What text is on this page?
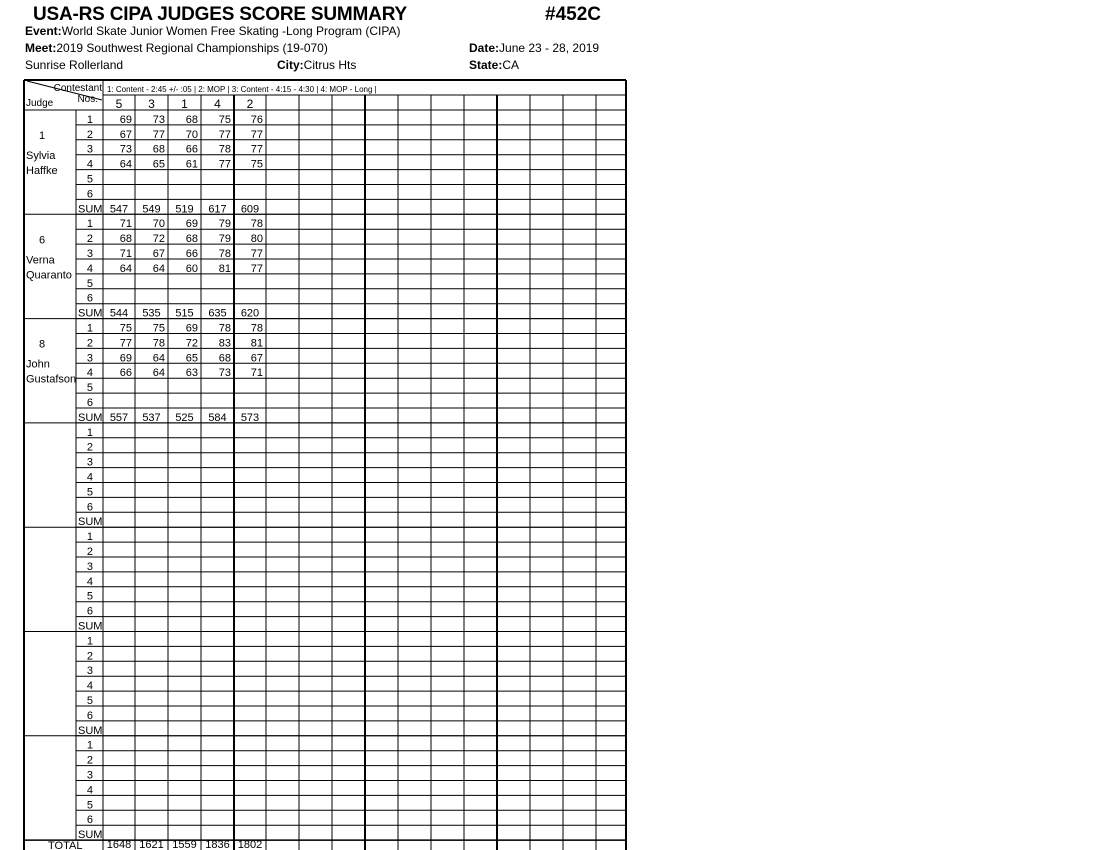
USA-RS CIPA JUDGES SCORE SUMMARY	#452C
Event:World Skate Junior Women Free Skating -Long Program (CIPA)
Meet:2019 Southwest Regional Championships (19-070)	Date:June 23 - 28, 2019
Sunrise Rollerland	City:Citrus Hts	State:CA
Contestant
Nos.
Judge
1: Content - 2:45 +/- :05 | 2: MOP | 3: Content - 4:15 - 4:30 | 4: MOP - Long |
5 3 1 4 2
1
Sylvia
Haffke
1 69 73 68 75 76
2 67 77 70 77 77
3 73 68 66 78 77
4 64 65 61 77 75
5
6
SUM 547 549 519 617 609
6
Verna
Quaranto
1 71 70 69 79 78
2 68 72 68 79 80
3 71 67 66 78 77
4 64 64 60 81 77
5
6
SUM 544 535 515 635 620
8
John
Gustafson
1 75 75 69 78 78
2 77 78 72 83 81
3 69 64 65 68 67
4 66 64 63 73 71
5
6
SUM 557 537 525 584 573
1
2
3
4
5
6
SUM
1
2
3
4
5
6
SUM
1
2
3
4
5
6
SUM
1
2
3
4
5
6
SUM
TOTAL 1648 1621 1559 1836 1802
